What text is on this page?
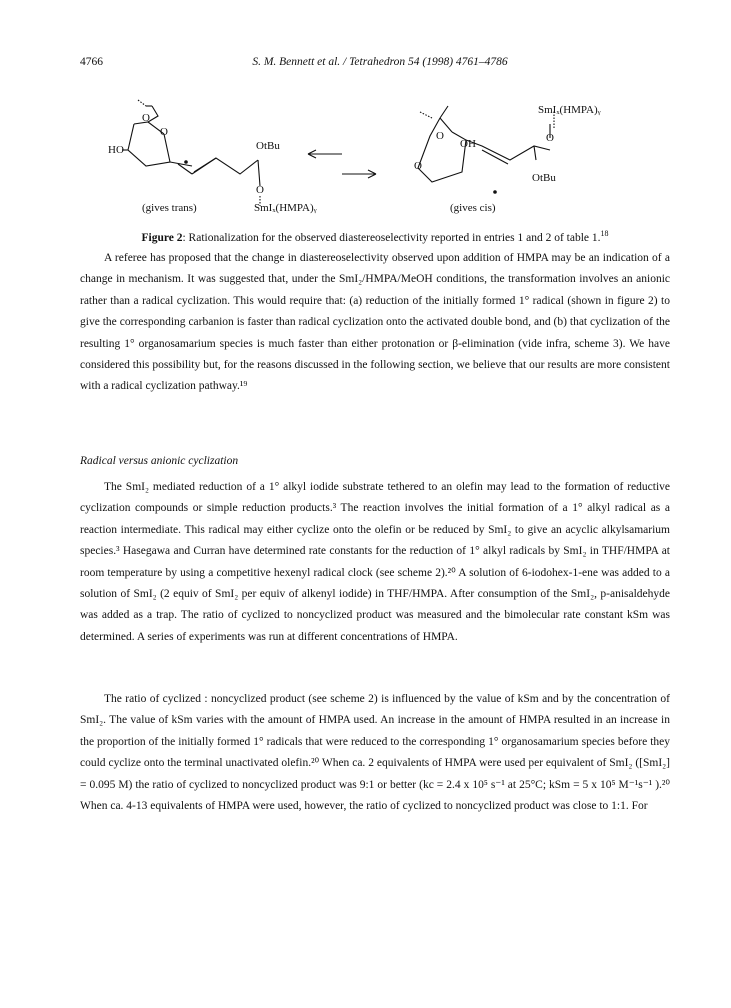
4766	S. M. Bennett et al. / Tetrahedron 54 (1998) 4761–4786
HO
O
O
OtBu
O
SmIₓ(HMPA)ᵧ
(gives trans)
SmIₓ(HMPA)ᵧ
OH
O
O
O
OtBu
(gives cis)
Figure 2: Rationalization for the observed diastereoselectivity reported in entries 1 and 2 of table 1.18

A referee has proposed that the change in diastereoselectivity observed upon addition of HMPA may be an indication of a change in mechanism. It was suggested that, under the SmI₂/HMPA/MeOH conditions, the transformation involves an anionic rather than a radical cyclization. This would require that: (a) reduction of the initially formed 1° radical (shown in figure 2) to give the corresponding carbanion is faster than radical cyclization onto the activated double bond, and (b) that cyclization of the resulting 1° organosamarium species is much faster than either protonation or β-elimination (vide infra, scheme 3). We have considered this possibility but, for the reasons discussed in the following section, we believe that our results are more consistent with a radical cyclization pathway.¹⁹

Radical versus anionic cyclization

The SmI₂ mediated reduction of a 1° alkyl iodide substrate tethered to an olefin may lead to the formation of reductive cyclization compounds or simple reduction products.³ The reaction involves the initial formation of a 1° alkyl radical as a reaction intermediate. This radical may either cyclize onto the olefin or be reduced by SmI₂ to give an acyclic alkylsamarium species.³ Hasegawa and Curran have determined rate constants for the reduction of 1° alkyl radicals by SmI₂ in THF/HMPA at room temperature by using a competitive hexenyl radical clock (see scheme 2).²⁰ A solution of 6-iodohex-1-ene was added to a solution of SmI₂ (2 equiv of SmI₂ per equiv of alkenyl iodide) in THF/HMPA. After consumption of the SmI₂, p-anisaldehyde was added as a trap. The ratio of cyclized to noncyclized product was measured and the bimolecular rate constant kSm was determined. A series of experiments was run at different concentrations of HMPA.

The ratio of cyclized : noncyclized product (see scheme 2) is influenced by the value of kSm and by the concentration of SmI₂. The value of kSm varies with the amount of HMPA used. An increase in the amount of HMPA resulted in an increase in the proportion of the initially formed 1° radicals that were reduced to the corresponding 1° organosamarium species before they could cyclize onto the terminal unactivated olefin.²⁰ When ca. 2 equivalents of HMPA were used per equivalent of SmI₂ ([SmI₂] = 0.095 M) the ratio of cyclized to noncyclized product was 9:1 or better (kc = 2.4 x 10⁵ s⁻¹ at 25°C; kSm = 5 x 10⁵ M⁻¹s⁻¹ ).²⁰ When ca. 4-13 equivalents of HMPA were used, however, the ratio of cyclized to noncyclized product was close to 1:1. For
